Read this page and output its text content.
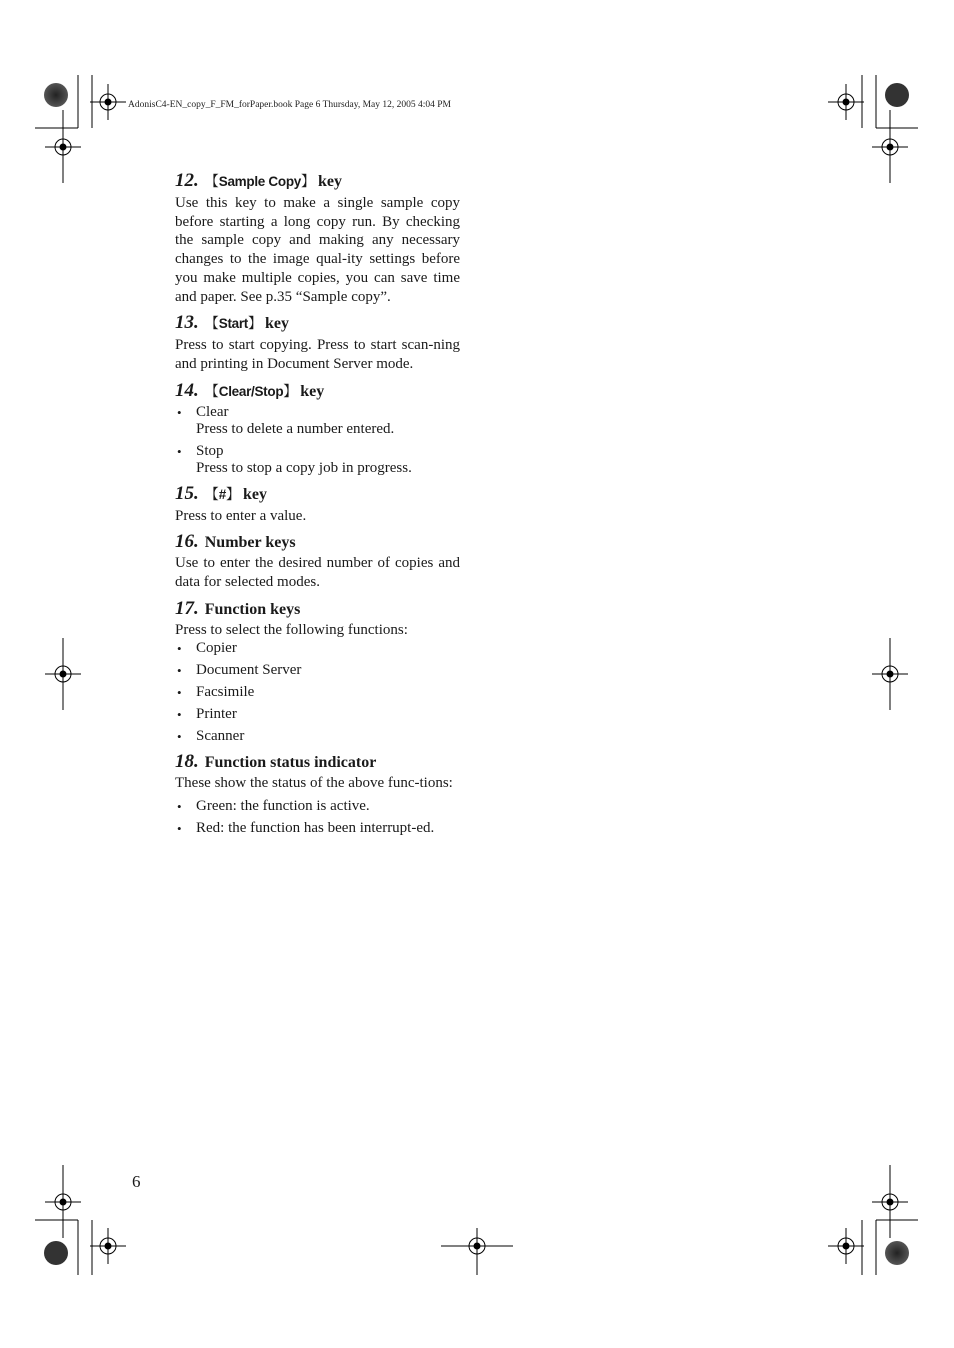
AdonisC4-EN_copy_F_FM_forPaper.book Page 6 Thursday, May 12, 2005 4:04 PM
12. 【Sample Copy】 key

Use this key to make a single sample copy before starting a long copy run. By checking the sample copy and making any necessary changes to the image qual-ity settings before you make multiple copies, you can save time and paper. See p.35 “Sample copy”.

13. 【Start】 key

Press to start copying. Press to start scan-ning and printing in Document Server mode.

14. 【Clear/Stop】 key
• Clear
Press to delete a number entered.
• Stop
Press to stop a copy job in progress.
15. 【#】 key

Press to enter a value.

16. Number keys

Use to enter the desired number of copies and data for selected modes.

17. Function keys

Press to select the following functions:

• Copier
• Document Server
• Facsimile
• Printer
• Scanner
18. Function status indicator

These show the status of the above func-tions:

• Green: the function is active.
• Red: the function has been interrupt-ed.
6
